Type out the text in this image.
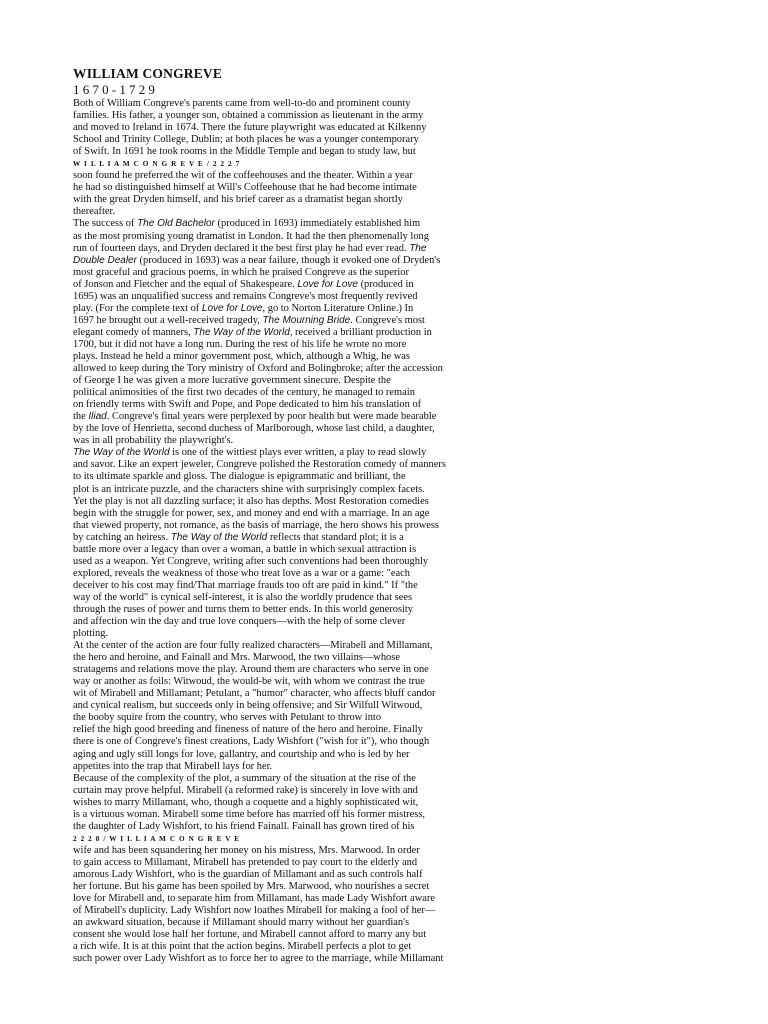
WILLIAM CONGREVE
1670-1729
Both of William Congreve's parents came from well-to-do and prominent county
families. His father, a younger son, obtained a commission as lieutenant in the army
and moved to Ireland in 1674. There the future playwright was educated at Kilkenny
School and Trinity College, Dublin; at both places he was a younger contemporary
of Swift. In 1691 he took rooms in the Middle Temple and began to study law, but
W I L L I A M C O N G R E V E / 2 2 2 7
soon found he preferred the wit of the coffeehouses and the theater. Within a year
he had so distinguished himself at Will's Coffeehouse that he had become intimate
with the great Dryden himself, and his brief career as a dramatist began shortly
thereafter.
The success of The Old Bachelor (produced in 1693) immediately established him
as the most promising young dramatist in London. It had the then phenomenally long
run of fourteen days, and Dryden declared it the best first play he had ever read. The
Double Dealer (produced in 1693) was a near failure, though it evoked one of Dryden's
most graceful and gracious poems, in which he praised Congreve as the superior
of Jonson and Fletcher and the equal of Shakespeare. Love for Love (produced in
1695) was an unqualified success and remains Congreve's most frequently revived
play. (For the complete text of Love for Love, go to Norton Literature Online.) In
1697 he brought out a well-received tragedy, The Mourning Bride. Congreve's most
elegant comedy of manners, The Way of the World, received a brilliant production in
1700, but it did not have a long run. During the rest of his life he wrote no more
plays. Instead he held a minor government post, which, although a Whig, he was
allowed to keep during the Tory ministry of Oxford and Bolingbroke; after the accession
of George I he was given a more lucrative government sinecure. Despite the
political animosities of the first two decades of the century, he managed to remain
on friendly terms with Swift and Pope, and Pope dedicated to him his translation of
the Iliad. Congreve's final years were perplexed by poor health but were made bearable
by the love of Henrietta, second duchess of Marlborough, whose last child, a daughter,
was in all probability the playwright's.
The Way of the World is one of the wittiest plays ever written, a play to read slowly
and savor. Like an expert jeweler, Congreve polished the Restoration comedy of manners
to its ultimate sparkle and gloss. The dialogue is epigrammatic and brilliant, the
plot is an intricate puzzle, and the characters shine with surprisingly complex facets.
Yet the play is not all dazzling surface; it also has depths. Most Restoration comedies
begin with the struggle for power, sex, and money and end with a marriage. In an age
that viewed property, not romance, as the basis of marriage, the hero shows his prowess
by catching an heiress. The Way of the World reflects that standard plot; it is a
battle more over a legacy than over a woman, a battle in which sexual attraction is
used as a weapon. Yet Congreve, writing after such conventions had been thoroughly
explored, reveals the weakness of those who treat love as a war or a game: "each
deceiver to his cost may find/That marriage frauds too oft are paid in kind." If "the
way of the world" is cynical self-interest, it is also the worldly prudence that sees
through the ruses of power and turns them to better ends. In this world generosity
and affection win the day and true love conquers—with the help of some clever
plotting.
At the center of the action are four fully realized characters—Mirabell and Millamant,
the hero and heroine, and Fainall and Mrs. Marwood, the two villains—whose
stratagems and relations move the play. Around them are characters who serve in one
way or another as foils: Witwoud, the would-be wit, with whom we contrast the true
wit of Mirabell and Millamant; Petulant, a "humor" character, who affects bluff candor
and cynical realism, but succeeds only in being offensive; and Sir Wilfull Witwoud,
the booby squire from the country, who serves with Petulant to throw into
relief the high good breeding and fineness of nature of the hero and heroine. Finally
there is one of Congreve's finest creations, Lady Wishfort ("wish for it"), who though
aging and ugly still longs for love, gallantry, and courtship and who is led by her
appetites into the trap that Mirabell lays for her.
Because of the complexity of the plot, a summary of the situation at the rise of the
curtain may prove helpful. Mirabell (a reformed rake) is sincerely in love with and
wishes to marry Millamant, who, though a coquette and a highly sophisticated wit,
is a virtuous woman. Mirabell some time before has married off his former mistress,
the daughter of Lady Wishfort, to his friend Fainall. Fainall has grown tired of his
2 2 2 8 / W I L L I A M C O N G R E V E
wife and has been squandering her money on his mistress, Mrs. Marwood. In order
to gain access to Millamant, Mirabell has pretended to pay court to the elderly and
amorous Lady Wishfort, who is the guardian of Millamant and as such controls half
her fortune. But his game has been spoiled by Mrs. Marwood, who nourishes a secret
love for Mirabell and, to separate him from Millamant, has made Lady Wishfort aware
of Mirabell's duplicity. Lady Wishfort now loathes Mirabell for making a fool of her—
an awkward situation, because if Millamant should marry without her guardian's
consent she would lose half her fortune, and Mirabell cannot afford to marry any but
a rich wife. It is at this point that the action begins. Mirabell perfects a plot to get
such power over Lady Wishfort as to force her to agree to the marriage, while Millamant
